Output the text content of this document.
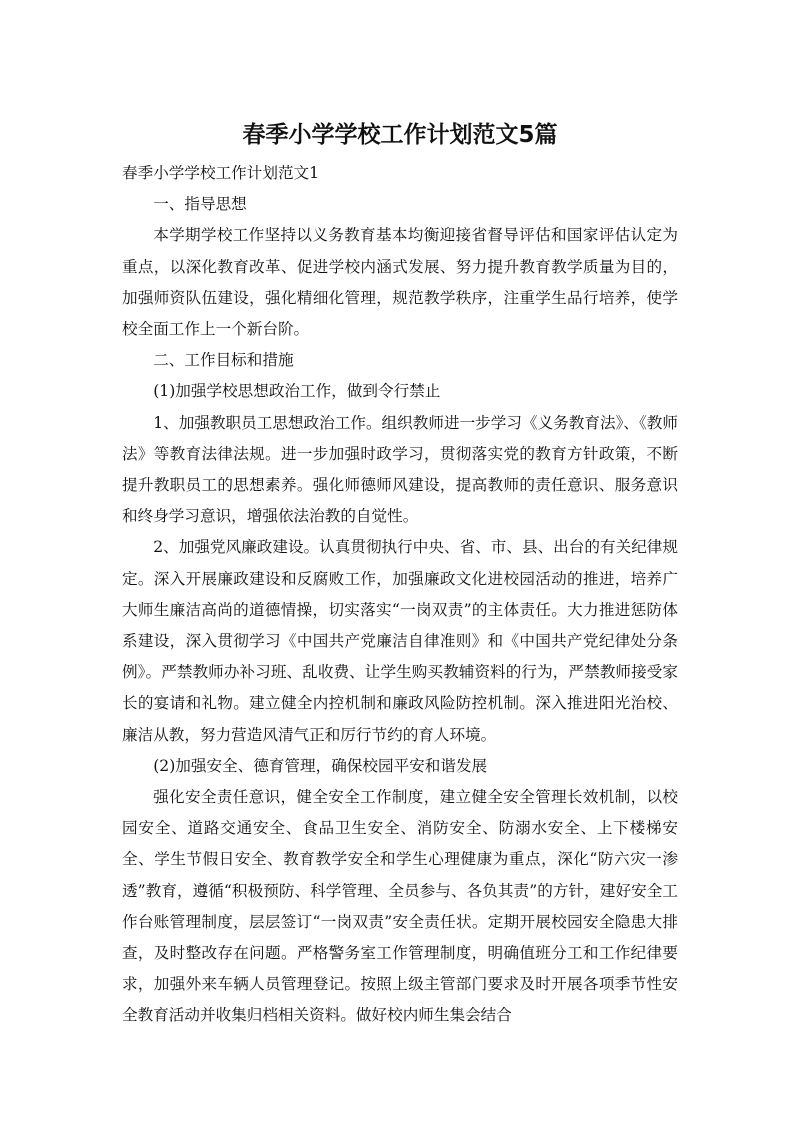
春季小学学校工作计划范文5篇

春季小学学校工作计划范文1

一、指导思想

本学期学校工作坚持以义务教育基本均衡迎接省督导评估和国家评估认定为重点，以深化教育改革、促进学校内涵式发展、努力提升教育教学质量为目的，加强师资队伍建设，强化精细化管理，规范教学秩序，注重学生品行培养，使学校全面工作上一个新台阶。

二、工作目标和措施

(1)加强学校思想政治工作，做到令行禁止

1、加强教职员工思想政治工作。组织教师进一步学习《义务教育法》、《教师法》等教育法律法规。进一步加强时政学习，贯彻落实党的教育方针政策，不断提升教职员工的思想素养。强化师德师风建设，提高教师的责任意识、服务意识和终身学习意识，增强依法治教的自觉性。

2、加强党风廉政建设。认真贯彻执行中央、省、市、县、出台的有关纪律规定。深入开展廉政建设和反腐败工作，加强廉政文化进校园活动的推进，培养广大师生廉洁高尚的道德情操，切实落实“一岗双责”的主体责任。大力推进惩防体系建设，深入贯彻学习《中国共产党廉洁自律准则》和《中国共产党纪律处分条例》。严禁教师办补习班、乱收费、让学生购买教辅资料的行为，严禁教师接受家长的宴请和礼物。建立健全内控机制和廉政风险防控机制。深入推进阳光治校、廉洁从教，努力营造风清气正和厉行节约的育人环境。

(2)加强安全、德育管理，确保校园平安和谐发展

强化安全责任意识，健全安全工作制度，建立健全安全管理长效机制，以校园安全、道路交通安全、食品卫生安全、消防安全、防溺水安全、上下楼梯安全、学生节假日安全、教育教学安全和学生心理健康为重点，深化“防六灾一渗透”教育，遵循“积极预防、科学管理、全员参与、各负其责”的方针，建好安全工作台账管理制度，层层签订“一岗双责”安全责任状。定期开展校园安全隐患大排查，及时整改存在问题。严格警务室工作管理制度，明确值班分工和工作纪律要求，加强外来车辆人员管理登记。按照上级主管部门要求及时开展各项季节性安全教育活动并收集归档相关资料。做好校内师生集会结合
